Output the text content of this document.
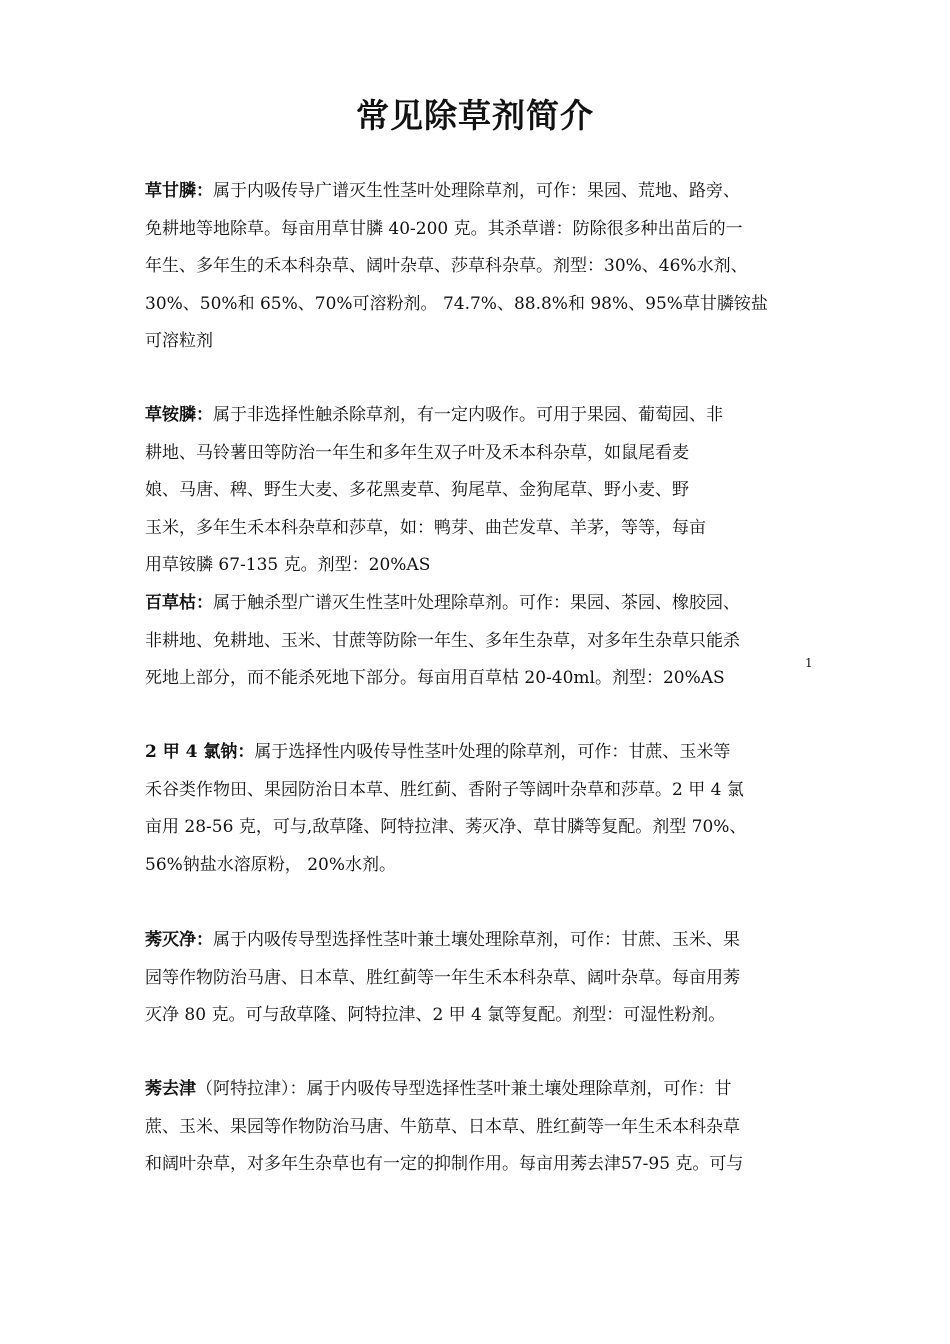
常见除草剂简介
草甘膦：属于内吸传导广谱灭生性茎叶处理除草剂，可作：果园、荒地、路旁、
免耕地等地除草。每亩用草甘膦 40-200 克。其杀草谱：防除很多种出苗后的一
年生、多年生的禾本科杂草、阔叶杂草、莎草科杂草。剂型：30%、46%水剂、
30%、50%和 65%、70%可溶粉剂。 74.7%、88.8%和 98%、95%草甘膦铵盐
可溶粒剂
草铵膦：属于非选择性触杀除草剂，有一定内吸作。可用于果园、葡萄园、非
耕地、马铃薯田等防治一年生和多年生双子叶及禾本科杂草，如鼠尾看麦
娘、马唐、稗、野生大麦、多花黑麦草、狗尾草、金狗尾草、野小麦、野
玉米，多年生禾本科杂草和莎草，如：鸭芽、曲芒发草、羊茅，等等，每亩
用草铵膦 67-135 克。剂型：20%AS
百草枯：属于触杀型广谱灭生性茎叶处理除草剂。可作：果园、茶园、橡胶园、
非耕地、免耕地、玉米、甘蔗等防除一年生、多年生杂草，对多年生杂草只能杀
死地上部分，而不能杀死地下部分。每亩用百草枯 20-40ml。剂型：20%AS
1
2 甲 4 氯钠：属于选择性内吸传导性茎叶处理的除草剂，可作：甘蔗、玉米等
禾谷类作物田、果园防治日本草、胜红蓟、香附子等阔叶杂草和莎草。2 甲 4 氯
亩用 28-56 克，可与,敌草隆、阿特拉津、莠灭净、草甘膦等复配。剂型 70%、
56%钠盐水溶原粉， 20%水剂。
莠灭净：属于内吸传导型选择性茎叶兼土壤处理除草剂，可作：甘蔗、玉米、果
园等作物防治马唐、日本草、胜红蓟等一年生禾本科杂草、阔叶杂草。每亩用莠
灭净 80 克。可与敌草隆、阿特拉津、2 甲 4 氯等复配。剂型：可湿性粉剂。
莠去津（阿特拉津）：属于内吸传导型选择性茎叶兼土壤处理除草剂，可作：甘
蔗、玉米、果园等作物防治马唐、牛筋草、日本草、胜红蓟等一年生禾本科杂草
和阔叶杂草，对多年生杂草也有一定的抑制作用。每亩用莠去津57-95 克。可与
